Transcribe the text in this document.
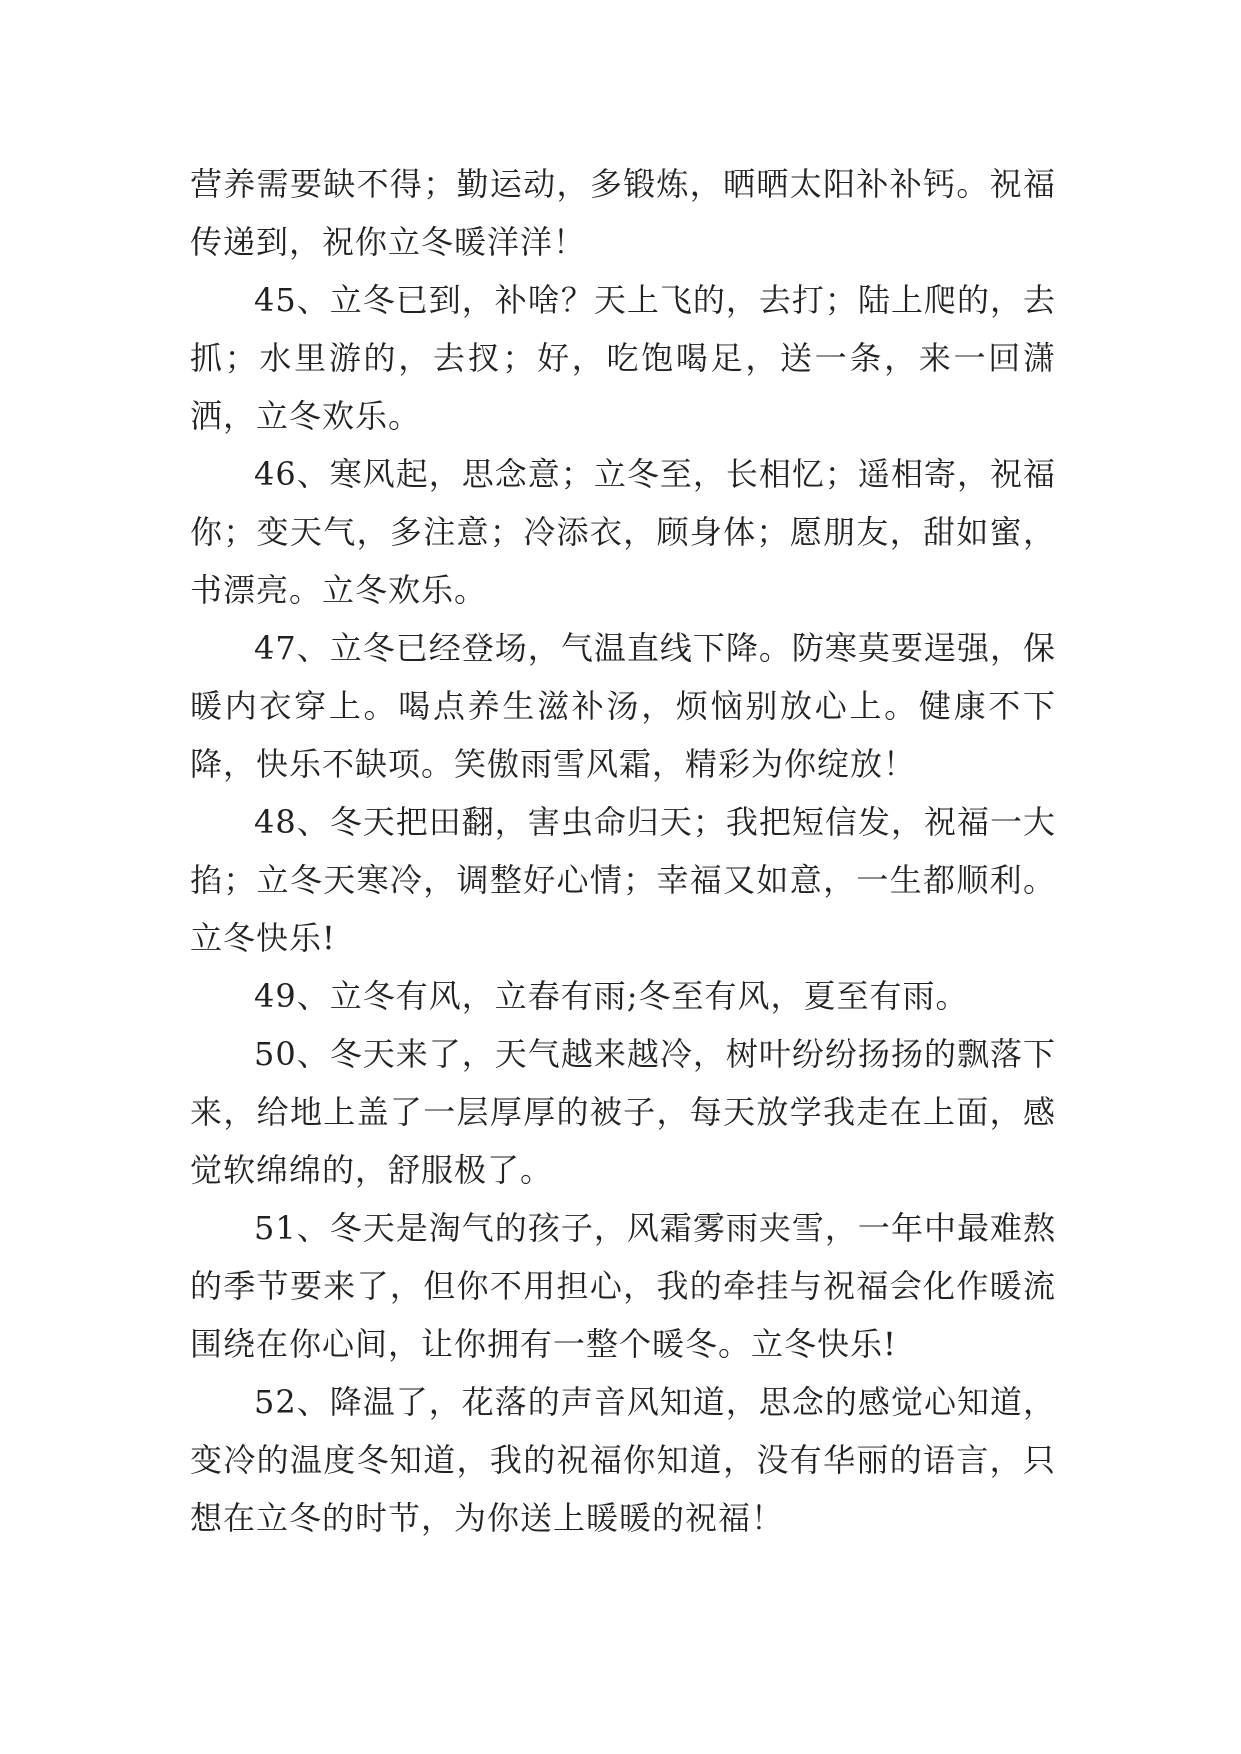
营养需要缺不得；勤运动，多锻炼，晒晒太阳补补钙。祝福传递到，祝你立冬暖洋洋！

45、立冬已到，补啥？天上飞的，去打；陆上爬的，去抓；水里游的，去扠；好，吃饱喝足，送一条，来一回潇洒，立冬欢乐。

46、寒风起，思念意；立冬至，长相忆；遥相寄，祝福你；变天气，多注意；冷添衣，顾身体；愿朋友，甜如蜜，书漂亮。立冬欢乐。

47、立冬已经登场，气温直线下降。防寒莫要逞强，保暖内衣穿上。喝点养生滋补汤，烦恼别放心上。健康不下降，快乐不缺项。笑傲雨雪风霜，精彩为你绽放！

48、冬天把田翻，害虫命归天；我把短信发，祝福一大掐；立冬天寒冷，调整好心情；幸福又如意，一生都顺利。立冬快乐!

49、立冬有风，立春有雨;冬至有风，夏至有雨。

50、冬天来了，天气越来越冷，树叶纷纷扬扬的飘落下来，给地上盖了一层厚厚的被子，每天放学我走在上面，感觉软绵绵的，舒服极了。

51、冬天是淘气的孩子，风霜雾雨夹雪，一年中最难熬的季节要来了，但你不用担心，我的牵挂与祝福会化作暖流围绕在你心间，让你拥有一整个暖冬。立冬快乐!

52、降温了，花落的声音风知道，思念的感觉心知道，变冷的温度冬知道，我的祝福你知道，没有华丽的语言，只想在立冬的时节，为你送上暖暖的祝福！
